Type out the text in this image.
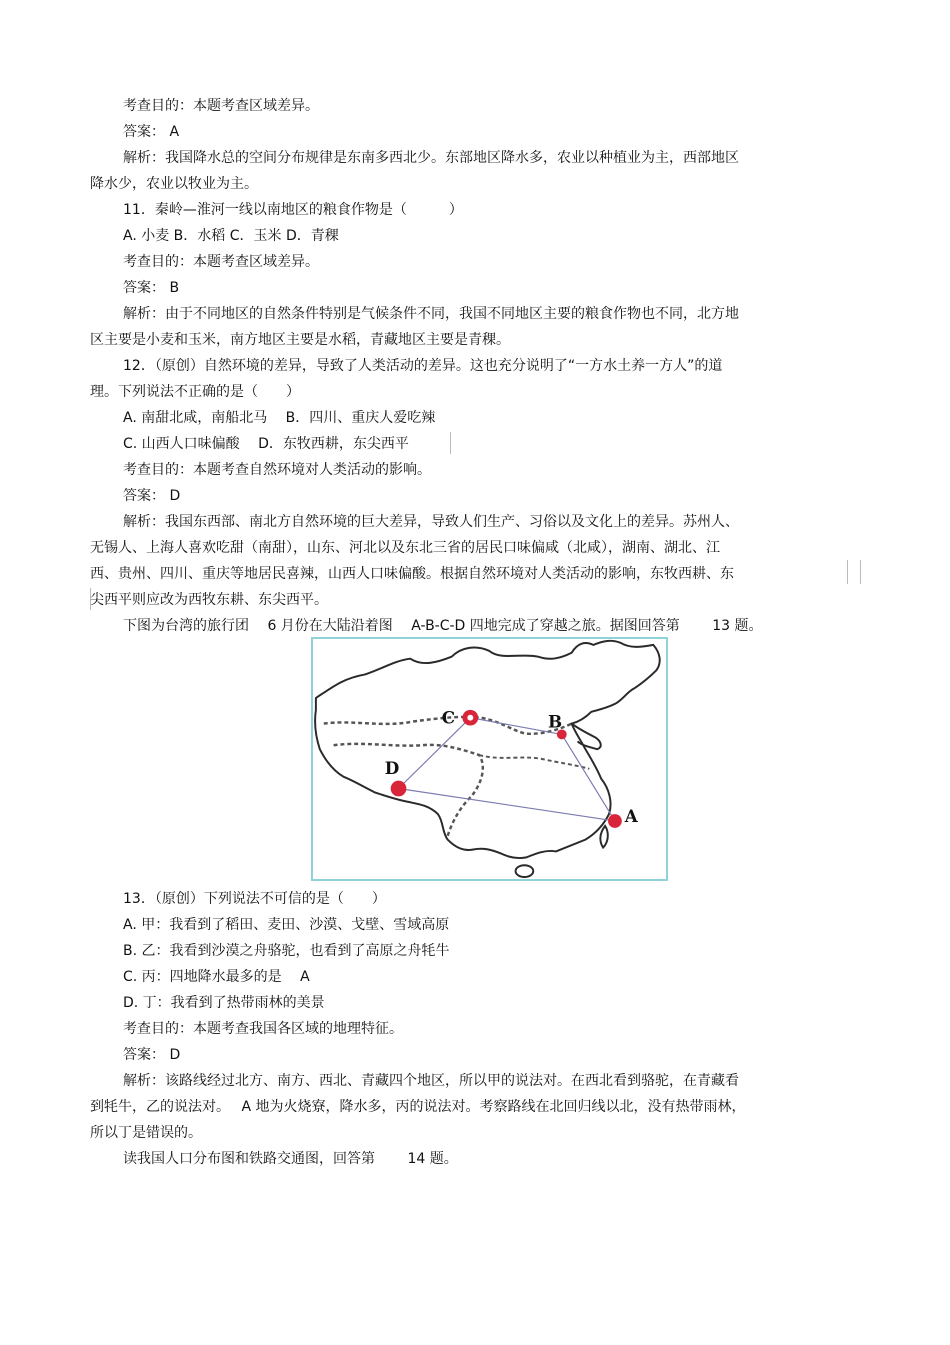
考查目的：本题考查区域差异。
答案： A
解析：我国降水总的空间分布规律是东南多西北少。东部地区降水多，农业以种植业为主，西部地区
降水少，农业以牧业为主。
11．秦岭—淮河一线以南地区的粮食作物是（　　　）
A. 小麦 B．水稻 C．玉米 D．青稞
考查目的：本题考查区域差异。
答案： B
解析：由于不同地区的自然条件特别是气候条件不同，我国不同地区主要的粮食作物也不同，北方地
区主要是小麦和玉米，南方地区主要是水稻，青藏地区主要是青稞。
12．（原创）自然环境的差异，导致了人类活动的差异。这也充分说明了“一方水土养一方人”的道
理。下列说法不正确的是（　　）
A. 南甜北咸，南船北马　 B．四川、重庆人爱吃辣
C. 山西人口味偏酸　 D．东牧西耕，东尖西平
考查目的：本题考查自然环境对人类活动的影响。
答案： D
解析：我国东西部、南北方自然环境的巨大差异，导致人们生产、习俗以及文化上的差异。苏州人、
无锡人、上海人喜欢吃甜（南甜），山东、河北以及东北三省的居民口味偏咸（北咸），湖南、湖北、江
西、贵州、四川、重庆等地居民喜辣，山西人口味偏酸。根据自然环境对人类活动的影响，东牧西耕、东
尖西平则应改为西牧东耕、东尖西平。
下图为台湾的旅行团　 6 月份在大陆沿着图　 A-B-C-D 四地完成了穿越之旅。据图回答第　　 13 题。
A
B
C
D
13．（原创）下列说法不可信的是（　　）
A. 甲：我看到了稻田、麦田、沙漠、戈壁、雪域高原
B. 乙：我看到沙漠之舟骆驼，也看到了高原之舟牦牛
C. 丙：四地降水最多的是　 A
D. 丁：我看到了热带雨林的美景
考查目的：本题考查我国各区域的地理特征。
答案： D
解析：该路线经过北方、南方、西北、青藏四个地区，所以甲的说法对。在西北看到骆驼，在青藏看
到牦牛，乙的说法对。　 A 地为火烧寮，降水多，丙的说法对。考察路线在北回归线以北，没有热带雨林，
所以丁是错误的。
读我国人口分布图和铁路交通图，回答第　　 14 题。
